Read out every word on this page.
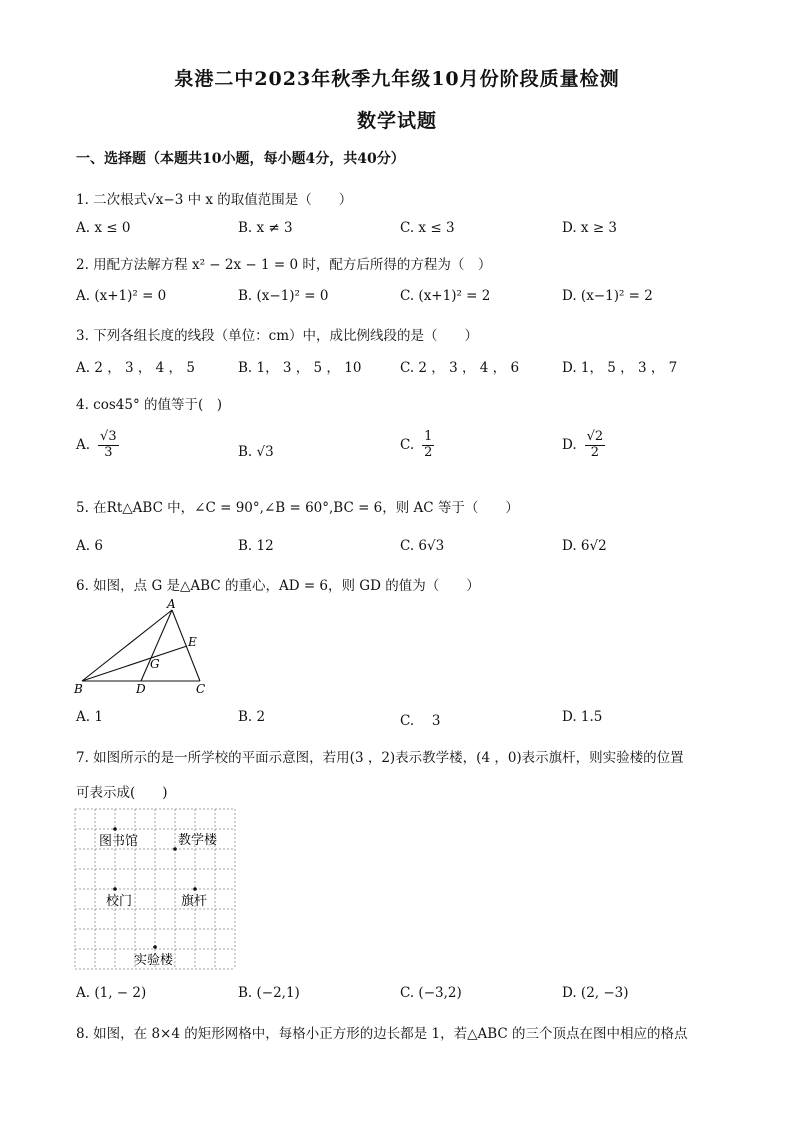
泉港二中2023年秋季九年级10月份阶段质量检测
数学试题
一、选择题（本题共10小题，每小题4分，共40分）
1. 二次根式√x−3 中 x 的取值范围是（　　）
A. x ≤ 0	B. x ≠ 3	C. x ≤ 3	D. x ≥ 3
2. 用配方法解方程 x² − 2x − 1 = 0 时，配方后所得的方程为（　）
A. (x+1)² = 0	B. (x−1)² = 0	C. (x+1)² = 2	D. (x−1)² = 2
3. 下列各组长度的线段（单位：cm）中，成比例线段的是（　　）
A. 2 ， 3 ， 4 ， 5	B. 1， 3 ， 5 ， 10	C. 2 ， 3 ， 4 ， 6	D. 1， 5 ， 3 ， 7
4. cos45° 的值等于(　)
A. $\frac{√3}{3}$	B. √3	C. $\frac{1}{2}$	D. $\frac{√2}{2}$
5. 在Rt△ABC 中，∠C = 90°,∠B = 60°,BC = 6，则 AC 等于（　　）
A. 6	B. 12	C. 6√3	D. 6√2
6. 如图，点 G 是△ABC 的重心，AD = 6，则 GD 的值为（　　）
A
B	C
D
E
G
A. 1	B. 2	C.　 3	D. 1.5
7. 如图所示的是一所学校的平面示意图，若用(3 ，2)表示教学楼，(4 ，0)表示旗杆，则实验楼的位置
可表示成(　　)
图书馆	教学楼
校门	旗杆
实验楼
A. (1, − 2)	B. (−2,1)	C. (−3,2)	D. (2, −3)
8. 如图，在 8×4 的矩形网格中，每格小正方形的边长都是 1，若△ABC 的三个顶点在图中相应的格点
